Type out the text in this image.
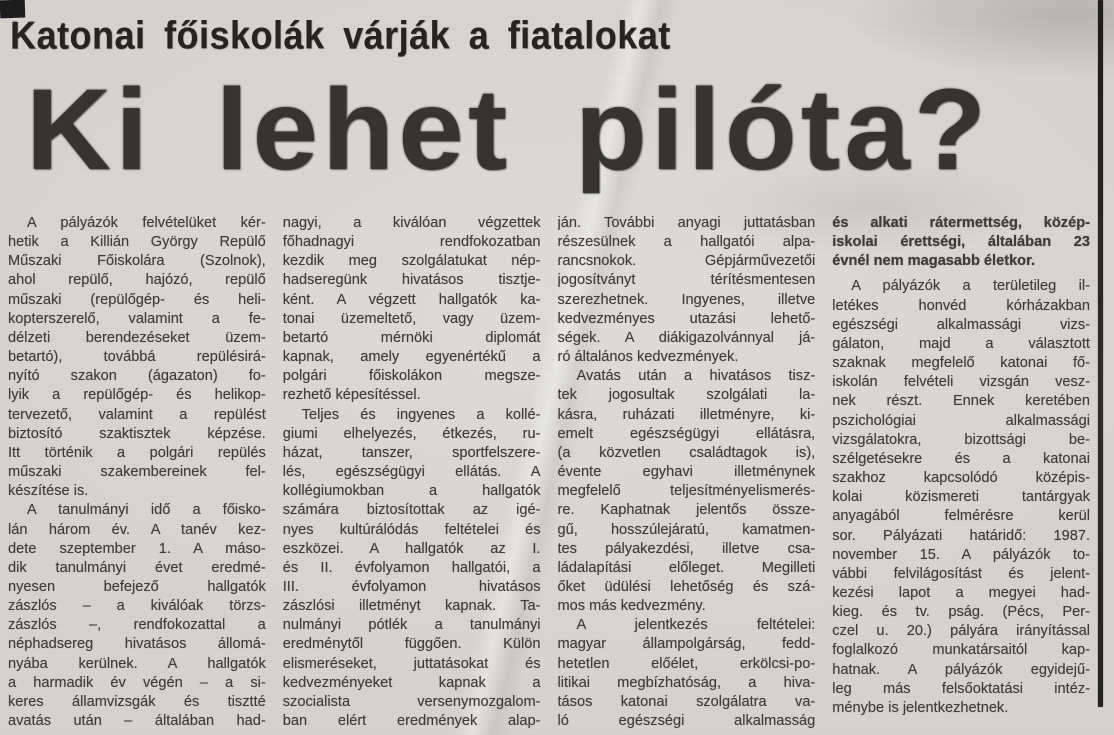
Katonai főiskolák várják a fiatalokat
Ki lehet pilóta?
A pályázók felvételüket kér-
hetik a Killián György Repülő
Műszaki Főiskolára (Szolnok),
ahol repülő, hajózó, repülő
műszaki (repülőgép- és heli-
kopterszerelő, valamint a fe-
délzeti berendezéseket üzem-
betartó), továbbá repülésirá-
nyító szakon (ágazaton) fo-
lyik a repülőgép- és helikop-
tervezető, valamint a repülést
biztosító szaktisztek képzése.
Itt történik a polgári repülés
műszaki szakembereinek fel-
készítése is.
A tanulmányi idő a főisko-
lán három év. A tanév kez-
dete szeptember 1. A máso-
dik tanulmányi évet eredmé-
nyesen befejező hallgatók
zászlós – a kiválóak törzs-
zászlós –, rendfokozattal a
néphadsereg hivatásos állomá-
nyába kerülnek. A hallgatók
a harmadik év végén – a si-
keres államvizsgák és tisztté
avatás után – általában had-
nagyi, a kiválóan végzettek
főhadnagyi rendfokozatban
kezdik meg szolgálatukat nép-
hadseregünk hivatásos tisztje-
ként. A végzett hallgatók ka-
tonai üzemeltető, vagy üzem-
betartó mérnöki diplomát
kapnak, amely egyenértékű a
polgári főiskolákon megsze-
rezhető képesítéssel.
Teljes és ingyenes a kollé-
giumi elhelyezés, étkezés, ru-
házat, tanszer, sportfelszere-
lés, egészségügyi ellátás. A
kollégiumokban a hallgatók
számára biztosítottak az igé-
nyes kultúrálódás feltételei és
eszközei. A hallgatók az I.
és II. évfolyamon hallgatói, a
III. évfolyamon hivatásos
zászlósi illetményt kapnak. Ta-
nulmányi pótlék a tanulmányi
eredménytől függően. Külön
elismeréseket, juttatásokat és
kedvezményeket kapnak a
szocialista versenymozgalom-
ban elért eredmények alap-
ján. További anyagi juttatásban
részesülnek a hallgatói alpa-
rancsnokok. Gépjárművezetői
jogosítványt térítésmentesen
szerezhetnek. Ingyenes, illetve
kedvezményes utazási lehető-
ségek. A diákigazolvánnyal já-
ró általános kedvezmények.
Avatás után a hivatásos tisz-
tek jogosultak szolgálati la-
kásra, ruházati illetményre, ki-
emelt egészségügyi ellátásra,
(a közvetlen családtagok is),
évente egyhavi illetménynek
megfelelő teljesítményelismerés-
re. Kaphatnak jelentős össze-
gű, hosszúlejáratú, kamatmen-
tes pályakezdési, illetve csa-
ládalapítási előleget. Megilleti
őket üdülési lehetőség és szá-
mos más kedvezmény.
A jelentkezés feltételei:
magyar állampolgárság, fedd-
hetetlen előélet, erkölcsi-po-
litikai megbízhatóság, a hiva-
tásos katonai szolgálatra va-
ló egészségi alkalmasság
és alkati rátermettség, közép-
iskolai érettségi, általában 23
évnél nem magasabb életkor.
A pályázók a területileg il-
letékes honvéd kórházakban
egészségi alkalmassági vizs-
gálaton, majd a választott
szaknak megfelelő katonai fő-
iskolán felvételi vizsgán vesz-
nek részt. Ennek keretében
pszichológiai alkalmassági
vizsgálatokra, bizottsági be-
szélgetésekre és a katonai
szakhoz kapcsolódó középis-
kolai közismereti tantárgyak
anyagából felmérésre kerül
sor. Pályázati határidő: 1987.
november 15. A pályázók to-
vábbi felvilágosítást és jelent-
kezési lapot a megyei had-
kieg. és tv. pság. (Pécs, Per-
czel u. 20.) pályára irányítással
foglalkozó munkatársaitól kap-
hatnak. A pályázók egyidejű-
leg más felsőoktatási intéz-
ménybe is jelentkezhetnek.
